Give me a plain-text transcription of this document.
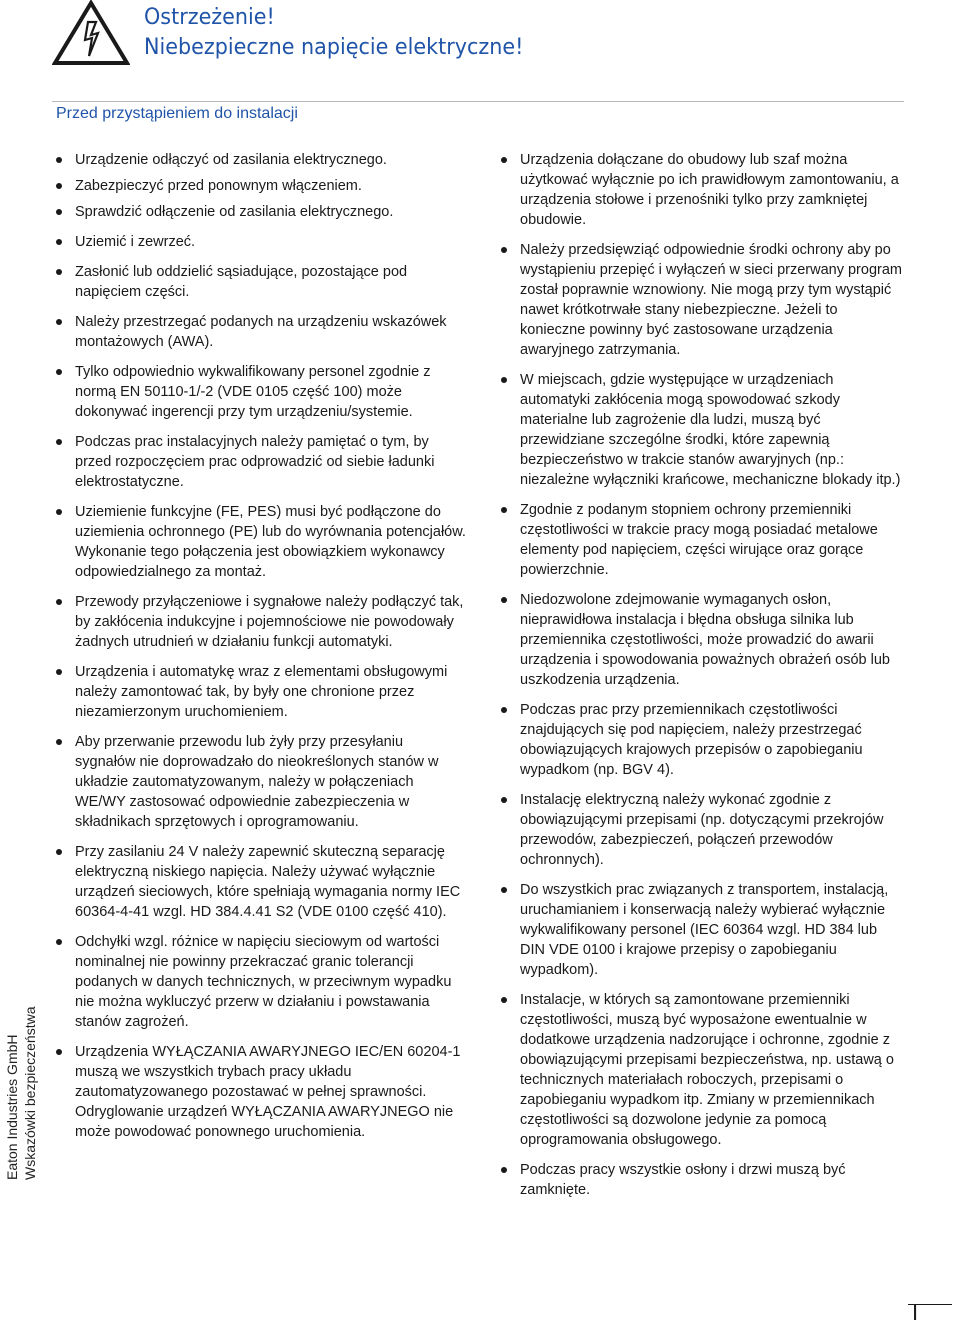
Ostrzeżenie!
Niebezpieczne napięcie elektryczne!
Przed przystąpieniem do instalacji
Eaton Industries GmbH Wskazówki bezpieczeństwa
Urządzenie odłączyć od zasilania elektrycznego.
Zabezpieczyć przed ponownym włączeniem.
Sprawdzić odłączenie od zasilania elektrycznego.
Uziemić i zewrzeć.
Zasłonić lub oddzielić sąsiadujące, pozostające pod napięciem części.
Należy przestrzegać podanych na urządzeniu wskazówek montażowych (AWA).
Tylko odpowiednio wykwalifikowany personel zgodnie z normą EN 50110-1/-2 (VDE 0105 część 100) może dokonywać ingerencji przy tym urządzeniu/systemie.
Podczas prac instalacyjnych należy pamiętać o tym, by przed rozpoczęciem prac odprowadzić od siebie ładunki elektrostatyczne.
Uziemienie funkcyjne (FE, PES) musi być podłączone do uziemienia ochronnego (PE) lub do wyrównania potencjałów. Wykonanie tego połączenia jest obowiązkiem wykonawcy odpowiedzialnego za montaż.
Przewody przyłączeniowe i sygnałowe należy podłączyć tak, by zakłócenia indukcyjne i pojemnościowe nie powodowały żadnych utrudnień w działaniu funkcji automatyki.
Urządzenia i automatykę wraz z elementami obsługowymi należy zamontować tak, by były one chronione przez niezamierzonym uruchomieniem.
Aby przerwanie przewodu lub żyły przy przesyłaniu sygnałów nie doprowadzało do nieokreślonych stanów w układzie zautomatyzowanym, należy w połączeniach WE/WY zastosować odpowiednie zabezpieczenia w składnikach sprzętowych i oprogramowaniu.
Przy zasilaniu 24 V należy zapewnić skuteczną separację elektryczną niskiego napięcia. Należy używać wyłącznie urządzeń sieciowych, które spełniają wymagania normy IEC 60364-4-41 wzgl. HD 384.4.41 S2 (VDE 0100 część 410).
Odchyłki wzgl. różnice w napięciu sieciowym od wartości nominalnej nie powinny przekraczać granic tolerancji podanych w danych technicznych, w przeciwnym wypadku nie można wykluczyć przerw w działaniu i powstawania stanów zagrożeń.
Urządzenia WYŁĄCZANIA AWARYJNEGO IEC/EN 60204-1 muszą we wszystkich trybach pracy układu zautomatyzowanego pozostawać w pełnej sprawności. Odryglowanie urządzeń WYŁĄCZANIA AWARYJNEGO nie może powodować ponownego uruchomienia.
Urządzenia dołączane do obudowy lub szaf można użytkować wyłącznie po ich prawidłowym zamontowaniu, a urządzenia stołowe i przenośniki tylko przy zamkniętej obudowie.
Należy przedsięwziąć odpowiednie środki ochrony aby po wystąpieniu przepięć i wyłączeń w sieci przerwany program został poprawnie wznowiony. Nie mogą przy tym wystąpić nawet krótkotrwałe stany niebezpieczne. Jeżeli to konieczne powinny być zastosowane urządzenia awaryjnego zatrzymania.
W miejscach, gdzie występujące w urządzeniach automatyki zakłócenia mogą spowodować szkody materialne lub zagrożenie dla ludzi, muszą być przewidziane szczególne środki, które zapewnią bezpieczeństwo w trakcie stanów awaryjnych (np.: niezależne wyłączniki krańcowe, mechaniczne blokady itp.)
Zgodnie z podanym stopniem ochrony przemienniki częstotliwości w trakcie pracy mogą posiadać metalowe elementy pod napięciem, części wirujące oraz gorące powierzchnie.
Niedozwolone zdejmowanie wymaganych osłon, nieprawidłowa instalacja i błędna obsługa silnika lub przemiennika częstotliwości, może prowadzić do awarii urządzenia i spowodowania poważnych obrażeń osób lub uszkodzenia urządzenia.
Podczas prac przy przemiennikach częstotliwości znajdujących się pod napięciem, należy przestrzegać obowiązujących krajowych przepisów o zapobieganiu wypadkom (np. BGV 4).
Instalację elektryczną należy wykonać zgodnie z obowiązującymi przepisami (np. dotyczącymi przekrojów przewodów, zabezpieczeń, połączeń przewodów ochronnych).
Do wszystkich prac związanych z transportem, instalacją, uruchamianiem i konserwacją należy wybierać wyłącznie wykwalifikowany personel (IEC 60364 wzgl. HD 384 lub DIN VDE 0100 i krajowe przepisy o zapobieganiu wypadkom).
Instalacje, w których są zamontowane przemienniki częstotliwości, muszą być wyposażone ewentualnie w dodatkowe urządzenia nadzorujące i ochronne, zgodnie z obowiązującymi przepisami bezpieczeństwa, np. ustawą o technicznych materiałach roboczych, przepisami o zapobieganiu wypadkom itp. Zmiany w przemiennikach częstotliwości są dozwolone jedynie za pomocą oprogramowania obsługowego.
Podczas pracy wszystkie osłony i drzwi muszą być zamknięte.
I
